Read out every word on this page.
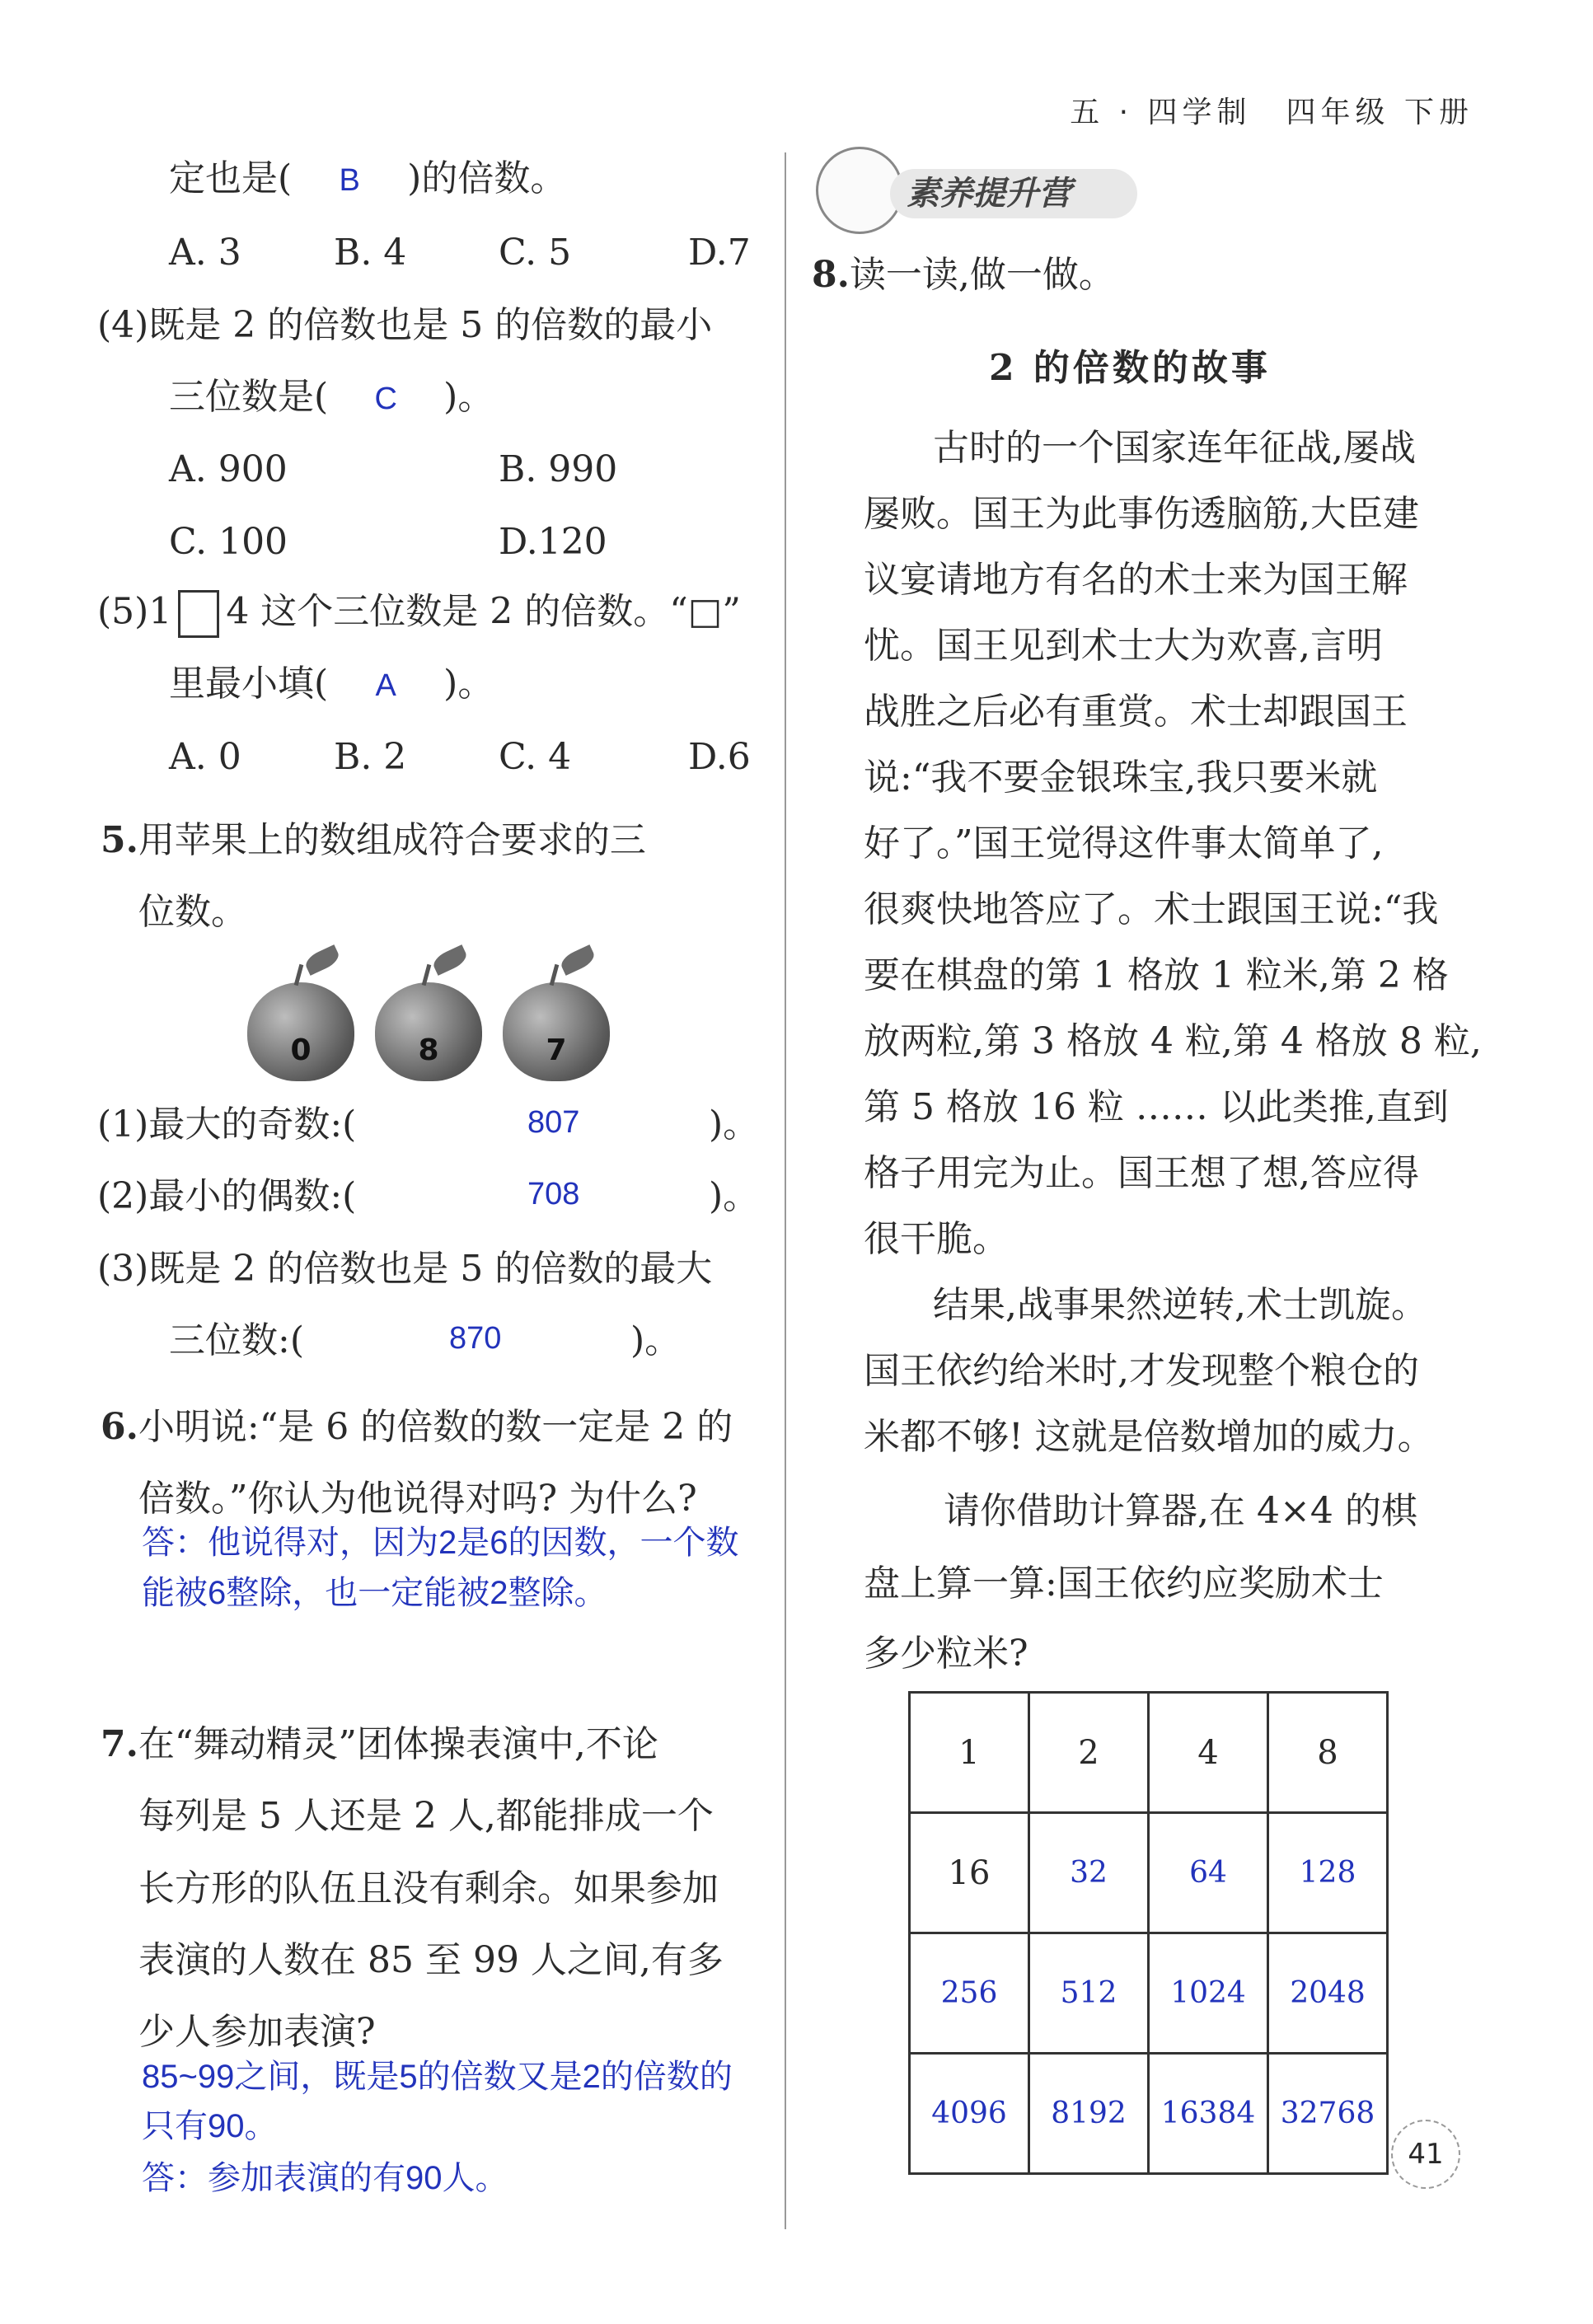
五 · 四学制　四年级 下册
定也是( B )的倍数。
A. 3	B. 4	C. 5	D.7
(4)既是 2 的倍数也是 5 的倍数的最小
三位数是( C )。
A. 900	B. 990
C. 100	D.120
(5)1 4 这个三位数是 2 的倍数。“□”
里最小填( A )。
A. 0	B. 2	C. 4	D.6
5.用苹果上的数组成符合要求的三
位数。
0	8	7
(1)最大的奇数:(	807	)。
(2)最小的偶数:(	708	)。
(3)既是 2 的倍数也是 5 的倍数的最大
三位数:(	870	)。
6.小明说:“是 6 的倍数的数一定是 2 的
倍数。”你认为他说得对吗? 为什么?
答：他说得对，因为2是6的因数，一个数
能被6整除，也一定能被2整除。
7.在“舞动精灵”团体操表演中,不论
每列是 5 人还是 2 人,都能排成一个
长方形的队伍且没有剩余。如果参加
表演的人数在 85 至 99 人之间,有多
少人参加表演?
85~99之间，既是5的倍数又是2的倍数的
只有90。
答：参加表演的有90人。
素养提升营
8.读一读,做一做。
2 的倍数的故事
古时的一个国家连年征战,屡战
屡败。国王为此事伤透脑筋,大臣建
议宴请地方有名的术士来为国王解
忧。国王见到术士大为欢喜,言明
战胜之后必有重赏。术士却跟国王
说:“我不要金银珠宝,我只要米就
好了。”国王觉得这件事太简单了,
很爽快地答应了。术士跟国王说:“我
要在棋盘的第 1 格放 1 粒米,第 2 格
放两粒,第 3 格放 4 粒,第 4 格放 8 粒,
第 5 格放 16 粒 …… 以此类推,直到
格子用完为止。国王想了想,答应得
很干脆。
结果,战事果然逆转,术士凯旋。
国王依约给米时,才发现整个粮仓的
米都不够! 这就是倍数增加的威力。
请你借助计算器,在 4×4 的棋
盘上算一算:国王依约应奖励术士
多少粒米?
1	2	4	8
16	32	64	128
256	512	1024	2048
4096	8192	16384	32768
41
